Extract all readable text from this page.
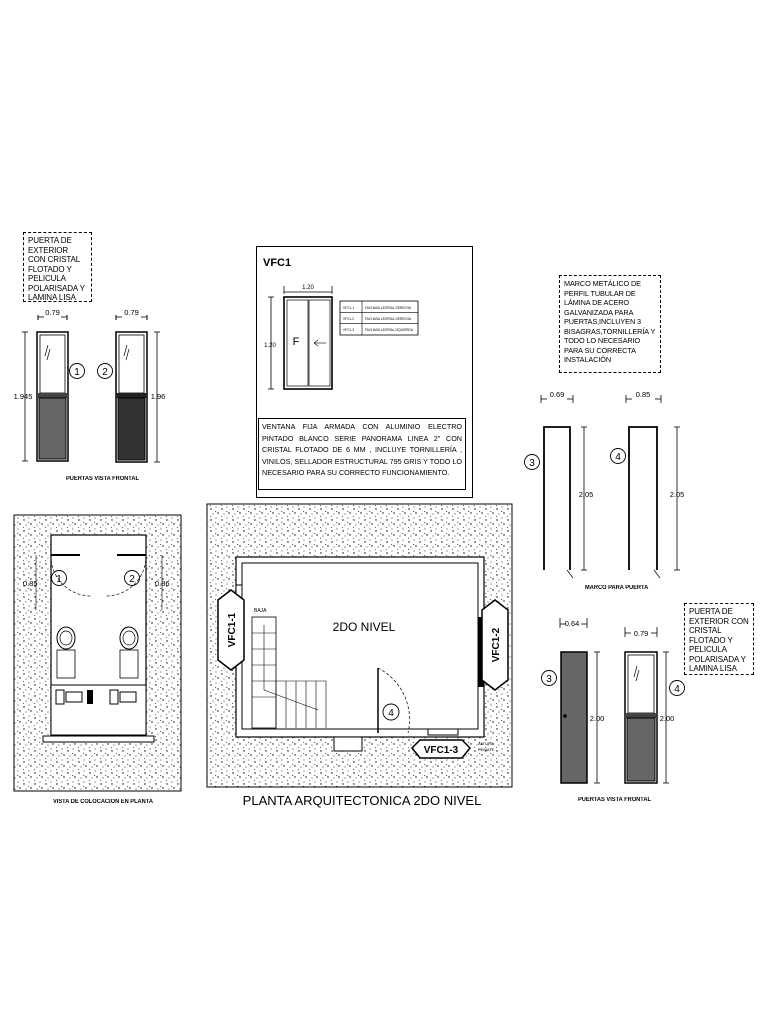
PUERTA DE EXTERIOR CON CRISTAL FLOTADO Y PELICULA POLARISADA Y LAMINA LISA
PUERTA DE EXTERIOR CON CRISTAL FLOTADO Y PELICULA POLARISADA Y LAMINA LISA
MARCO METÁLICO DE PERFIL TUBULAR DE LÁMINA DE ACERO GALVANIZADA PARA PUERTAS,INCLUYEN 3 BISAGRAS,TORNILLERÍA Y TODO LO NECESARIO PARA SU CORRECTA INSTALACIÓN
0.79	0.79
1.945	1.96
1 2
1	2
0.85	0.86
VFC1
1.20
1.20 F
VFC1-1	FACHADA LATERAL DERECHA
VFC1-2	FACHADA LATERAL DERECHA
VFC1-3	FACHADA LATERAL IZQUIERDA
2DO NIVEL
BAJA
4
VFC1-1	VFC1-2
VFC1-3
ALTURA
REMATE
PLANTA ARQUITECTONICA 2DO NIVEL
0.69	0.85
2.05	2.05
3
4
0.64
0.79
2.00	2.00
3
4
VENTANA FIJA ARMADA CON ALUMINIO ELECTRO PINTADO BLANCO SERIE PANORAMA LINEA 2" CON CRISTAL FLOTADO DE 6 MM , INCLUYE TORNILLERÍA , VINILOS, SELLADOR ESTRUCTURAL 795 GRIS Y TODO LO NECESARIO PARA SU CORRECTO FUNCIONAMIENTO.
PUERTAS VISTA FRONTAL
VISTA DE COLOCACION EN PLANTA
MARCO PARA PUERTA
PUERTAS VISTA FRONTAL
